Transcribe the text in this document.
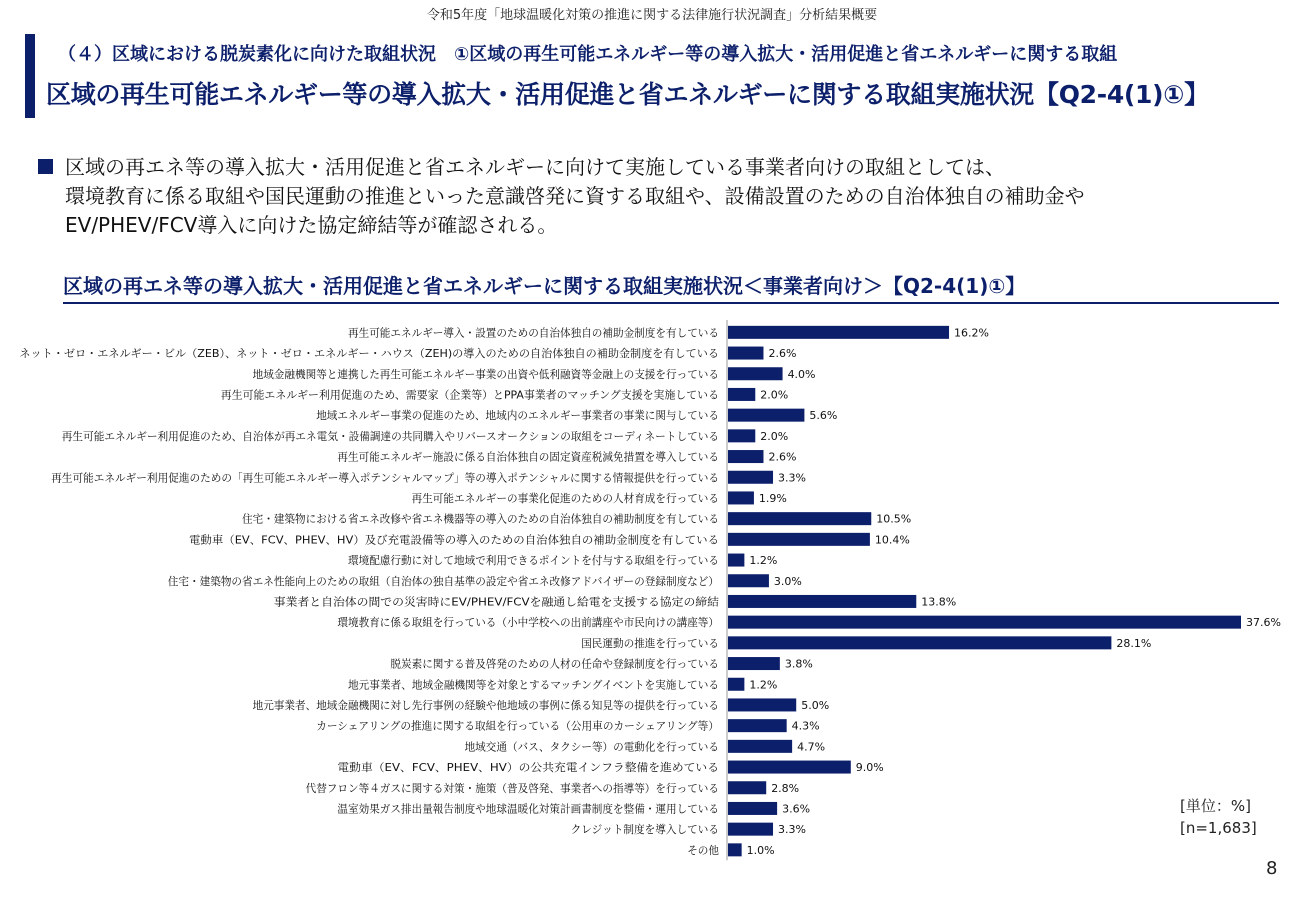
令和5年度「地球温暖化対策の推進に関する法律施行状況調査」分析結果概要
（４）区域における脱炭素化に向けた取組状況　①区域の再生可能エネルギー等の導入拡大・活用促進と省エネルギーに関する取組
区域の再生可能エネルギー等の導入拡大・活用促進と省エネルギーに関する取組実施状況【Q2-4(1)①】
区域の再エネ等の導入拡大・活用促進と省エネルギーに向けて実施している事業者向けの取組としては、
環境教育に係る取組や国民運動の推進といった意識啓発に資する取組や、設備設置のための自治体独自の補助金や
EV/PHEV/FCV導入に向けた協定締結等が確認される。
区域の再エネ等の導入拡大・活用促進と省エネルギーに関する取組実施状況＜事業者向け＞【Q2-4(1)①】
再生可能エネルギー導入・設置のための自治体独自の補助金制度を有している	16.2%
ネット・ゼロ・エネルギー・ビル（ZEB）、ネット・ゼロ・エネルギー・ハウス（ZEH)の導入のための自治体独自の補助金制度を有している	2.6%
地域金融機関等と連携した再生可能エネルギー事業の出資や低利融資等金融上の支援を行っている	4.0%
再生可能エネルギー利用促進のため、需要家（企業等）とPPA事業者のマッチング支援を実施している	2.0%
地域エネルギー事業の促進のため、地域内のエネルギー事業者の事業に関与している	5.6%
再生可能エネルギー利用促進のため、自治体が再エネ電気・設備調達の共同購入やリバースオークションの取組をコーディネートしている 2.0%
再生可能エネルギー施設に係る自治体独自の固定資産税減免措置を導入している	2.6%
再生可能エネルギー利用促進のための「再生可能エネルギー導入ポテンシャルマップ」等の導入ポテンシャルに関する情報提供を行っている	3.3%
再生可能エネルギーの事業化促進のための人材育成を行っている	1.9%
住宅・建築物における省エネ改修や省エネ機器等の導入のための自治体独自の補助制度を有している	10.5%
電動車（EV、FCV、PHEV、HV）及び充電設備等の導入のための自治体独自の補助金制度を有している	10.4%
環境配慮行動に対して地域で利用できるポイントを付与する取組を行っている 1.2%
住宅・建築物の省エネ性能向上のための取組（自治体の独自基準の設定や省エネ改修アドバイザーの登録制度など）	3.0%
事業者と自治体の間での災害時にEV/PHEV/FCVを融通し給電を支援する協定の締結	13.8%
環境教育に係る取組を行っている（小中学校への出前講座や市民向けの講座等）	37.6%
国民運動の推進を行っている	28.1%
脱炭素に関する普及啓発のための人材の任命や登録制度を行っている	3.8%
地元事業者、地域金融機関等を対象とするマッチングイベントを実施している 1.2%
地元事業者、地域金融機関に対し先行事例の経験や他地域の事例に係る知見等の提供を行っている	5.0%
カーシェアリングの推進に関する取組を行っている（公用車のカーシェアリング等）	4.3%
地域交通（バス、タクシー等）の電動化を行っている	4.7%
電動車（EV、FCV、PHEV、HV）の公共充電インフラ整備を進めている	9.0%
代替フロン等４ガスに関する対策・施策（普及啓発、事業者への指導等）を行っている	2.8%
温室効果ガス排出量報告制度や地球温暖化対策計画書制度を整備・運用している	3.6%
クレジット制度を導入している	3.3%
その他 1.0%
[単位：%]
[n=1,683]
8
